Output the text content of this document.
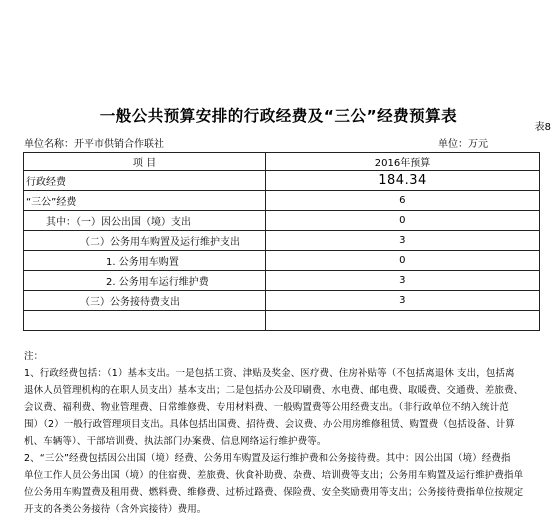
表8
一般公共预算安排的行政经费及“三公”经费预算表
单位名称：开平市供销合作联社	单位：万元
项 目	2016年预算
行政经费	184.34
“三公”经费	6
其中：（一）因公出国（境）支出	0
（二）公务用车购置及运行维护支出	3
1. 公务用车购置	0
2. 公务用车运行维护费	3
（三）公务接待费支出	3

注：

1、行政经费包括：（1）基本支出。一是包括工资、津贴及奖金、医疗费、住房补贴等（不包括离退休 支出，包括离

退休人员管理机构的在职人员支出）基本支出；二是包括办公及印刷费、水电费、邮电费、取暖费、交通费、差旅费、

会议费、福利费、物业管理费、日常维修费、专用材料费、一般购置费等公用经费支出。（非行政单位不纳入统计范

围）（2）一般行政管理项目支出。具体包括出国费、招待费、会议费、办公用房维修租赁、购置费（包括设备、计算

机、车辆等）、干部培训费、执法部门办案费、信息网络运行维护费等。

2、“三公”经费包括因公出国（境）经费、公务用车购置及运行维护费和公务接待费。其中：因公出国（境）经费指

单位工作人员公务出国（境）的住宿费、差旅费、伙食补助费、杂费、培训费等支出；公务用车购置及运行维护费指单

位公务用车购置费及租用费、燃料费、维修费、过桥过路费、保险费、安全奖励费用等支出；公务接待费指单位按规定

开支的各类公务接待（含外宾接待）费用。
